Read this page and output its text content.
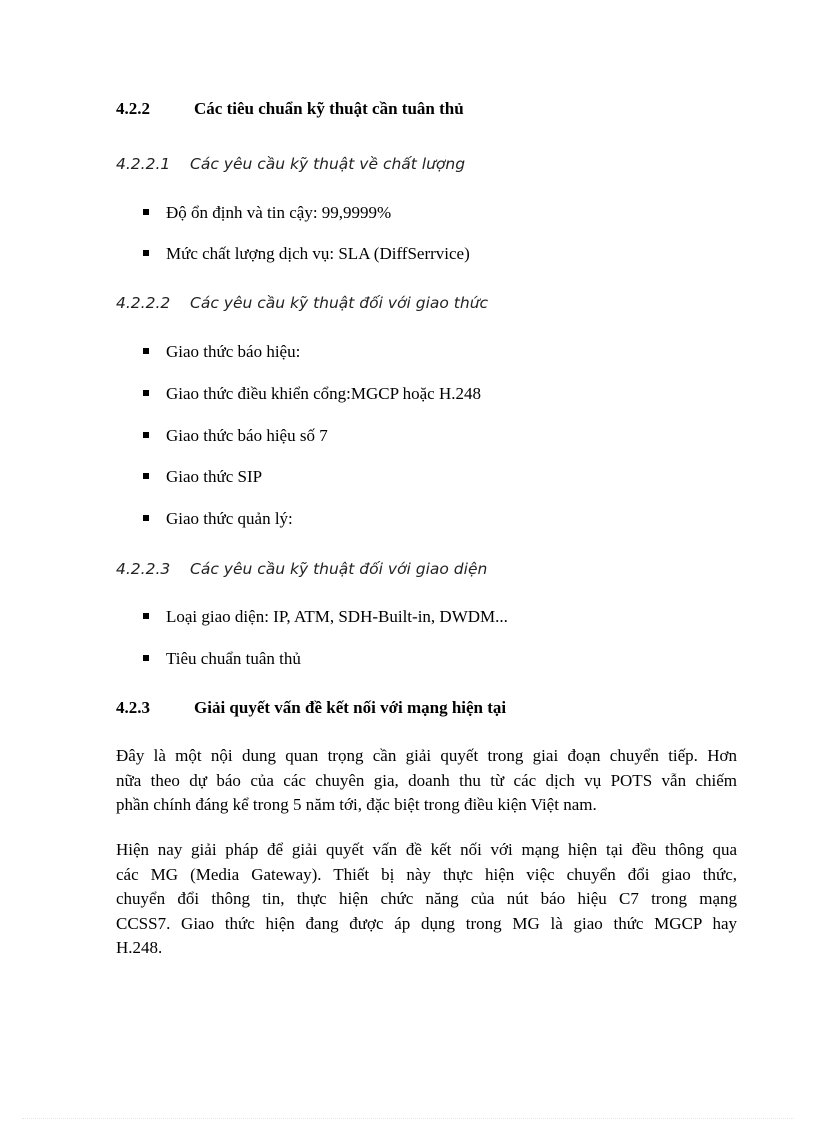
4.2.2	Các tiêu chuẩn kỹ thuật cần tuân thủ
4.2.2.1 Các yêu cầu kỹ thuật về chất lượng
Độ ổn định và tin cậy: 99,9999%
Mức chất lượng dịch vụ: SLA (DiffSerrvice)
4.2.2.2 Các yêu cầu kỹ thuật đối với giao thức
Giao thức báo hiệu:
Giao thức điều khiển cổng:MGCP hoặc H.248
Giao thức báo hiệu số 7
Giao thức SIP
Giao thức quản lý:
4.2.2.3 Các yêu cầu kỹ thuật đối với giao diện
Loại giao diện: IP, ATM, SDH-Built-in, DWDM...
Tiêu chuẩn tuân thủ
4.2.3	Giải quyết vấn đề kết nối với mạng hiện tại
Đây là một nội dung quan trọng cần giải quyết trong giai đoạn chuyển tiếp. Hơn
nữa theo dự báo của các chuyên gia, doanh thu từ các dịch vụ POTS vẫn chiếm
phần chính đáng kể trong 5 năm tới, đặc biệt trong điều kiện Việt nam.
Hiện nay giải pháp để giải quyết vấn đề kết nối với mạng hiện tại đều thông qua
các MG (Media Gateway). Thiết bị này thực hiện việc chuyển đổi giao thức,
chuyển đổi thông tin, thực hiện chức năng của nút báo hiệu C7 trong mạng
CCSS7. Giao thức hiện đang được áp dụng trong MG là giao thức MGCP hay
H.248.
